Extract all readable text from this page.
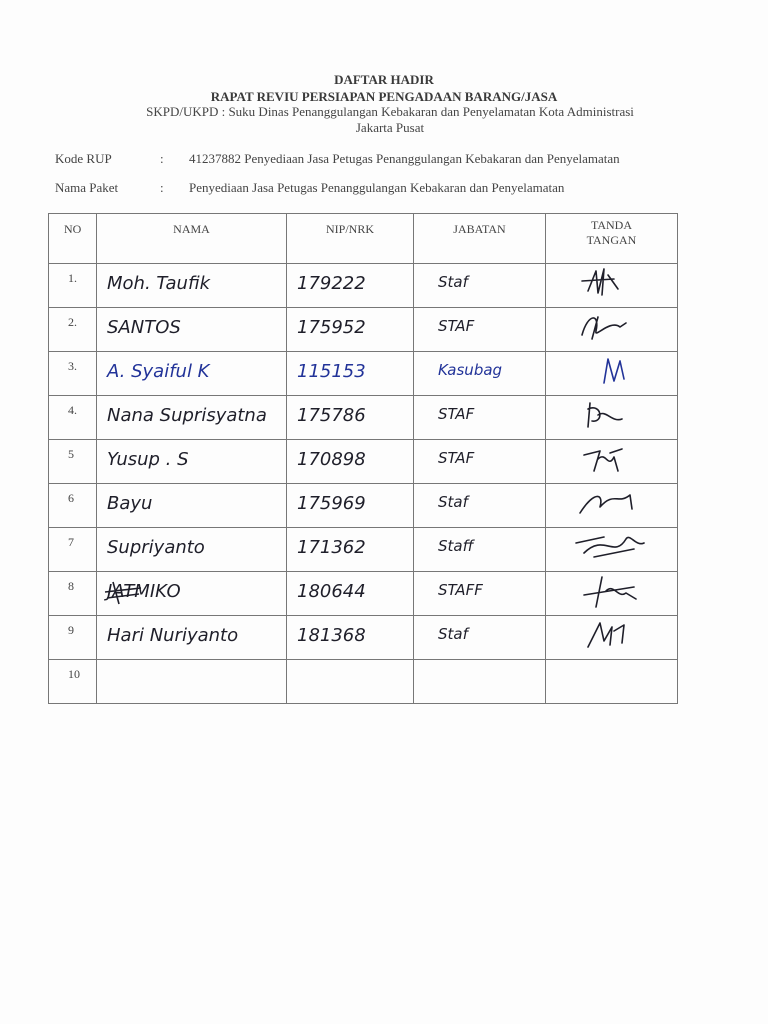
DAFTAR HADIR
RAPAT REVIU PERSIAPAN PENGADAAN BARANG/JASA
SKPD/UKPD : Suku Dinas Penanggulangan Kebakaran dan Penyelamatan Kota Administrasi
Jakarta Pusat
Kode RUP	: 41237882 Penyediaan Jasa Petugas Penanggulangan Kebakaran dan Penyelamatan
Nama Paket	: Penyediaan Jasa Petugas Penanggulangan Kebakaran dan Penyelamatan
NO	NAMA	NIP/NRK	JABATAN	TANDA TANGAN

1.	Moh. Taufik	179222	Staf

2.	SANTOS	175952	STAF

3.	A. Syaiful K	115153	Kasubag

4.	Nana Suprisyatna	175786	STAF

5	Yusup . S	170898	STAF

6	Bayu	175969	Staf

7	Supriyanto	171362	Staff

8	JATMIKO	180644	STAFF

9	Hari Nuriyanto	181368	Staf

10	
